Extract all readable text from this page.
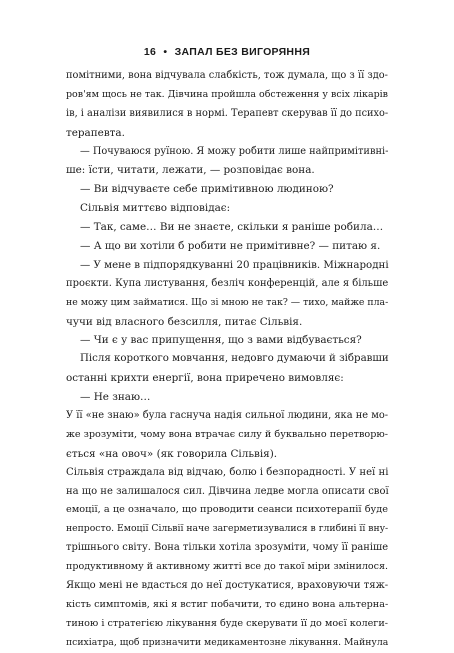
16 • ЗАПАЛ БЕЗ ВИГОРЯННЯ
помітними, вона відчувала слабкість, тож думала, що з її здо-
ров'ям щось не так. Дівчина пройшла обстеження у всіх лікарів
ів, і аналізи виявилися в нормі. Терапевт скерував її до психо-
терапевта.
— Почуваюся руїною. Я можу робити лише найпримітивні-
ше: їсти, читати, лежати, — розповідає вона.
— Ви відчуваєте себе примітивною людиною?
Сільвія миттєво відповідає:
— Так, саме… Ви не знаєте, скільки я раніше робила…
— А що ви хотіли б робити не примітивне? — питаю я.
— У мене в підпорядкуванні 20 працівників. Міжнародні
проєкти. Купа листування, безліч конференцій, але я більше
не можу цим займатися. Що зі мною не так? — тихо, майже пла-
чучи від власного безсилля, питає Сільвія.
— Чи є у вас припущення, що з вами відбувається?
Після короткого мовчання, недовго думаючи й зібравши
останні крихти енергії, вона приречено вимовляє:
— Не знаю…
У її «не знаю» була гаснуча надія сильної людини, яка не мо-
же зрозуміти, чому вона втрачає силу й буквально перетворю-
ється «на овоч» (як говорила Сільвія).
Сільвія страждала від відчаю, болю і безпорадності. У неї ні
на що не залишалося сил. Дівчина ледве могла описати свої
емоції, а це означало, що проводити сеанси психотерапії буде
непросто. Емоції Сільвії наче загерметизувалися в глибині її вну-
трішнього світу. Вона тільки хотіла зрозуміти, чому її раніше
продуктивному й активному житті все до такої міри змінилося.
Якщо мені не вдасться до неї достукатися, враховуючи тяж-
кість симптомів, які я встиг побачити, то єдино вона альтерна-
тиною і стратегією лікування буде скерувати її до моєї колеги-
психіатра, щоб призначити медикаментозне лікування. Майнула
